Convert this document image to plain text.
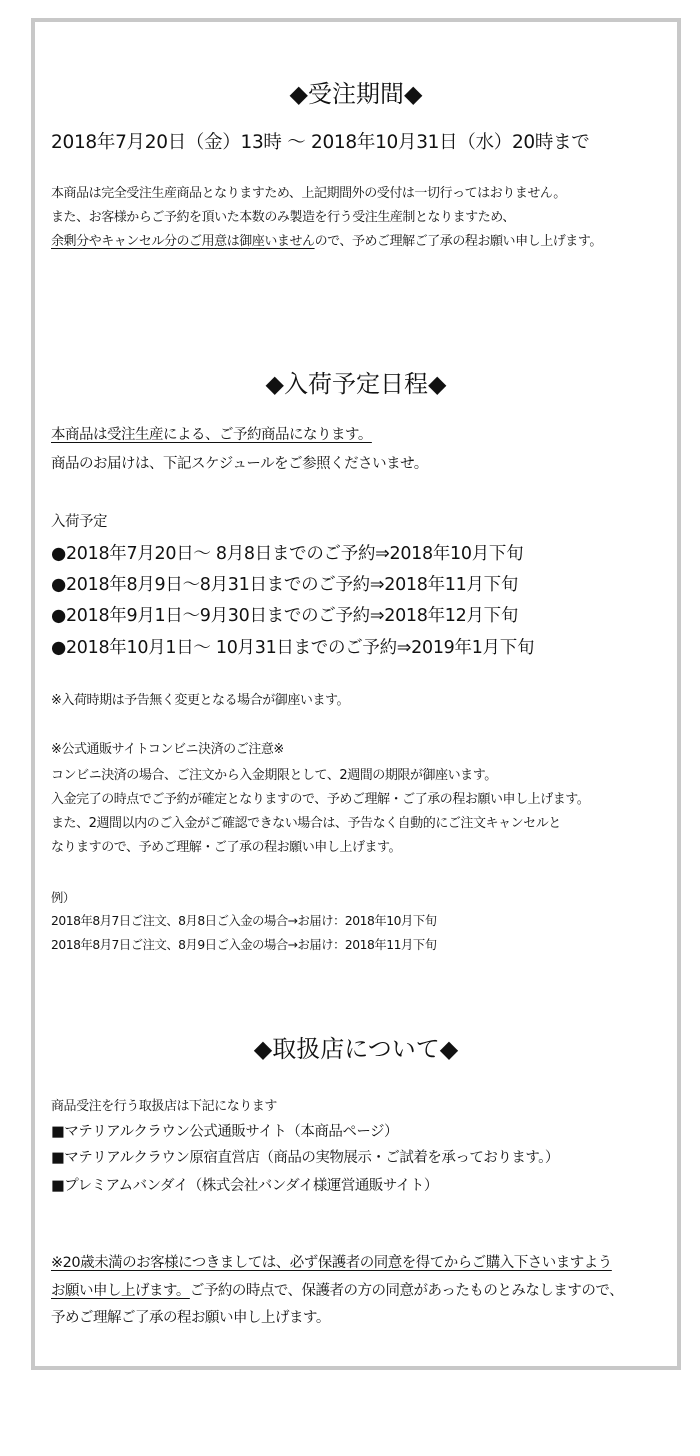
◆受注期間◆
2018年7月20日（金）13時 〜 2018年10月31日（水）20時まで
本商品は完全受注生産商品となりますため、上記期間外の受付は一切行ってはおりません。
また、お客様からご予約を頂いた本数のみ製造を行う受注生産制となりますため、
余剰分やキャンセル分のご用意は御座いませんので、予めご理解ご了承の程お願い申し上げます。
◆入荷予定日程◆
本商品は受注生産による、ご予約商品になります。
商品のお届けは、下記スケジュールをご参照くださいませ。
入荷予定
●2018年7月20日〜 8月8日までのご予約⇒2018年10月下旬
●2018年8月9日〜8月31日までのご予約⇒2018年11月下旬
●2018年9月1日〜9月30日までのご予約⇒2018年12月下旬
●2018年10月1日〜 10月31日までのご予約⇒2019年1月下旬
※入荷時期は予告無く変更となる場合が御座います。
※公式通販サイトコンビニ決済のご注意※
コンビニ決済の場合、ご注文から入金期限として、2週間の期限が御座います。
入金完了の時点でご予約が確定となりますので、予めご理解・ご了承の程お願い申し上げます。
また、2週間以内のご入金がご確認できない場合は、予告なく自動的にご注文キャンセルと
なりますので、予めご理解・ご了承の程お願い申し上げます。
例）
2018年8月7日ご注文、8月8日ご入金の場合→お届け：2018年10月下旬
2018年8月7日ご注文、8月9日ご入金の場合→お届け：2018年11月下旬
◆取扱店について◆
商品受注を行う取扱店は下記になります
■マテリアルクラウン公式通販サイト（本商品ページ）
■マテリアルクラウン原宿直営店（商品の実物展示・ご試着を承っております。）
■プレミアムバンダイ（株式会社バンダイ様運営通販サイト）
※20歳未満のお客様につきましては、必ず保護者の同意を得てからご購入下さいますよう
お願い申し上げます。ご予約の時点で、保護者の方の同意があったものとみなしますので、
予めご理解ご了承の程お願い申し上げます。
